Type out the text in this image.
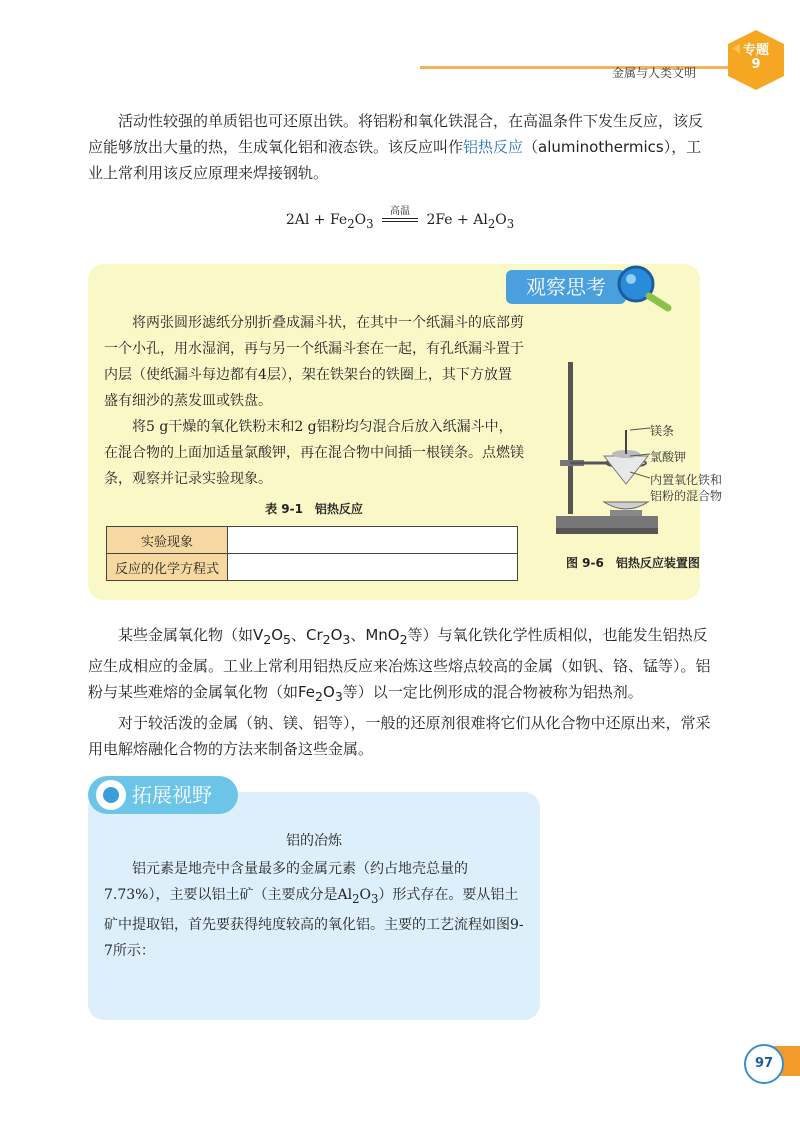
金属与人类文明
专题
9

活动性较强的单质铝也可还原出铁。将铝粉和氧化铁混合，在高温条件下发生反应，该反应能够放出大量的热，生成氧化铝和液态铁。该反应叫作铝热反应（aluminothermics），工业上常利用该反应原理来焊接钢轨。

$2Al + Fe_2O_3$
高温
$2Fe + Al_2O_3$
观察思考

将两张圆形滤纸分别折叠成漏斗状，在其中一个纸漏斗的底部剪一个小孔，用水湿润，再与另一个纸漏斗套在一起，有孔纸漏斗置于内层（使纸漏斗每边都有4层），架在铁架台的铁圈上，其下方放置盛有细沙的蒸发皿或铁盘。

将5 g干燥的氧化铁粉末和2 g铝粉均匀混合后放入纸漏斗中，在混合物的上面加适量氯酸钾，再在混合物中间插一根镁条。点燃镁条，观察并记录实验现象。

表 9-1　铝热反应
实验现象	
反应的化学方程式	
镁条
氯酸钾
内置氧化铁和
铝粉的混合物
图 9-6　铝热反应装置图

某些金属氧化物（如$V_2O_5$、$Cr_2O_3$、MnO$_2$等）与氧化铁化学性质相似，也能发生铝热反应生成相应的金属。工业上常利用铝热反应来冶炼这些熔点较高的金属（如钒、铬、锰等）。铝粉与某些难熔的金属氧化物（如$Fe_2O_3$等）以一定比例形成的混合物被称为铝热剂。

对于较活泼的金属（钠、镁、铝等），一般的还原剂很难将它们从化合物中还原出来，常采用电解熔融化合物的方法来制备这些金属。

拓展视野
铝的冶炼

铝元素是地壳中含量最多的金属元素（约占地壳总量的7.73%），主要以铝土矿（主要成分是$Al_2O_3$）形式存在。要从铝土矿中提取铝，首先要获得纯度较高的氧化铝。主要的工艺流程如图9-7所示：

97
